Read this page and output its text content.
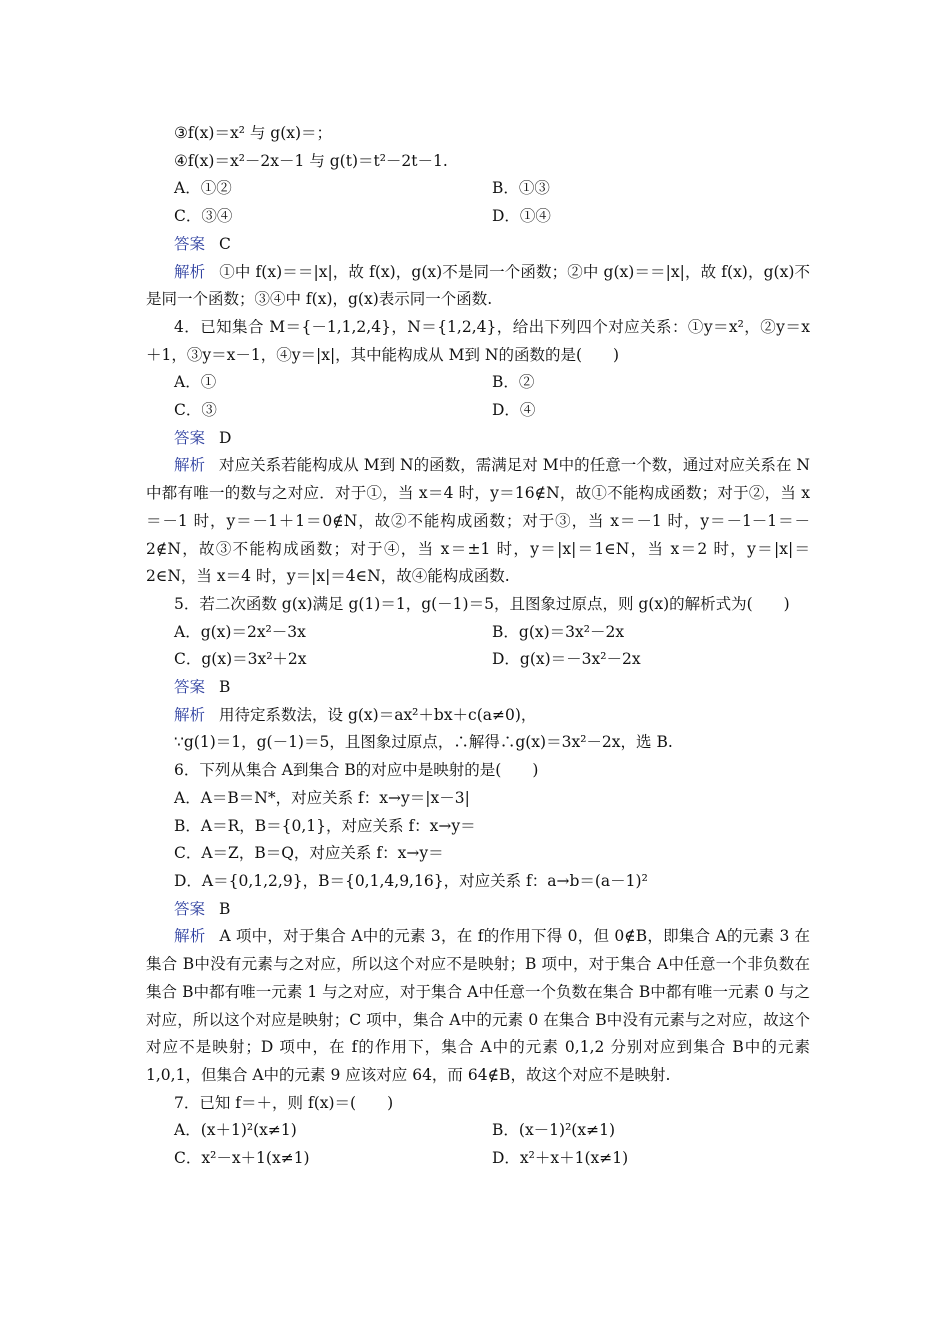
③f(x)＝x² 与 g(x)＝；
④f(x)＝x²－2x－1 与 g(t)＝t²－2t－1.
A．①②	B．①③
C．③④	D．①④
答案 C
解析 ①中 f(x)＝＝|x|，故 f(x)，g(x)不是同一个函数；②中 g(x)＝＝|x|，故 f(x)，g(x)不是同一个函数；③④中 f(x)，g(x)表示同一个函数.
4．已知集合 M＝{－1,1,2,4}，N＝{1,2,4}，给出下列四个对应关系：①y＝x²，②y＝x＋1，③y＝x－1，④y＝|x|，其中能构成从 M到 N的函数的是(　　)
A．①	B．②
C．③	D．④
答案 D
解析 对应关系若能构成从 M到 N的函数，需满足对 M中的任意一个数，通过对应关系在 N中都有唯一的数与之对应．对于①，当 x＝4 时，y＝16∉N，故①不能构成函数；对于②，当 x＝－1 时，y＝－1＋1＝0∉N，故②不能构成函数；对于③，当 x＝－1 时，y＝－1－1＝－2∉N，故③不能构成函数；对于④，当 x＝±1 时，y＝|x|＝1∈N，当 x＝2 时，y＝|x|＝2∈N，当 x＝4 时，y＝|x|＝4∈N，故④能构成函数.
5．若二次函数 g(x)满足 g(1)＝1，g(－1)＝5，且图象过原点，则 g(x)的解析式为(　　)
A．g(x)＝2x²－3x	B．g(x)＝3x²－2x
C．g(x)＝3x²＋2x	D．g(x)＝－3x²－2x
答案 B
解析 用待定系数法，设 g(x)＝ax²＋bx＋c(a≠0)，
∵g(1)＝1，g(－1)＝5，且图象过原点，∴解得∴g(x)＝3x²－2x，选 B.
6．下列从集合 A到集合 B的对应中是映射的是(　　)
A．A＝B＝N*，对应关系 f：x→y＝|x－3|
B．A＝R，B＝{0,1}，对应关系 f：x→y＝
C．A＝Z，B＝Q，对应关系 f：x→y＝
D．A＝{0,1,2,9}，B＝{0,1,4,9,16}，对应关系 f：a→b＝(a－1)²
答案 B
解析 A 项中，对于集合 A中的元素 3，在 f的作用下得 0，但 0∉B，即集合 A的元素 3 在集合 B中没有元素与之对应，所以这个对应不是映射；B 项中，对于集合 A中任意一个非负数在集合 B中都有唯一元素 1 与之对应，对于集合 A中任意一个负数在集合 B中都有唯一元素 0 与之对应，所以这个对应是映射；C 项中，集合 A中的元素 0 在集合 B中没有元素与之对应，故这个对应不是映射；D 项中，在 f的作用下，集合 A中的元素 0,1,2 分别对应到集合 B中的元素 1,0,1，但集合 A中的元素 9 应该对应 64，而 64∉B，故这个对应不是映射.
7．已知 f＝＋，则 f(x)＝(　　)
A．(x＋1)²(x≠1)	B．(x－1)²(x≠1)
C．x²－x＋1(x≠1)	D．x²＋x＋1(x≠1)
